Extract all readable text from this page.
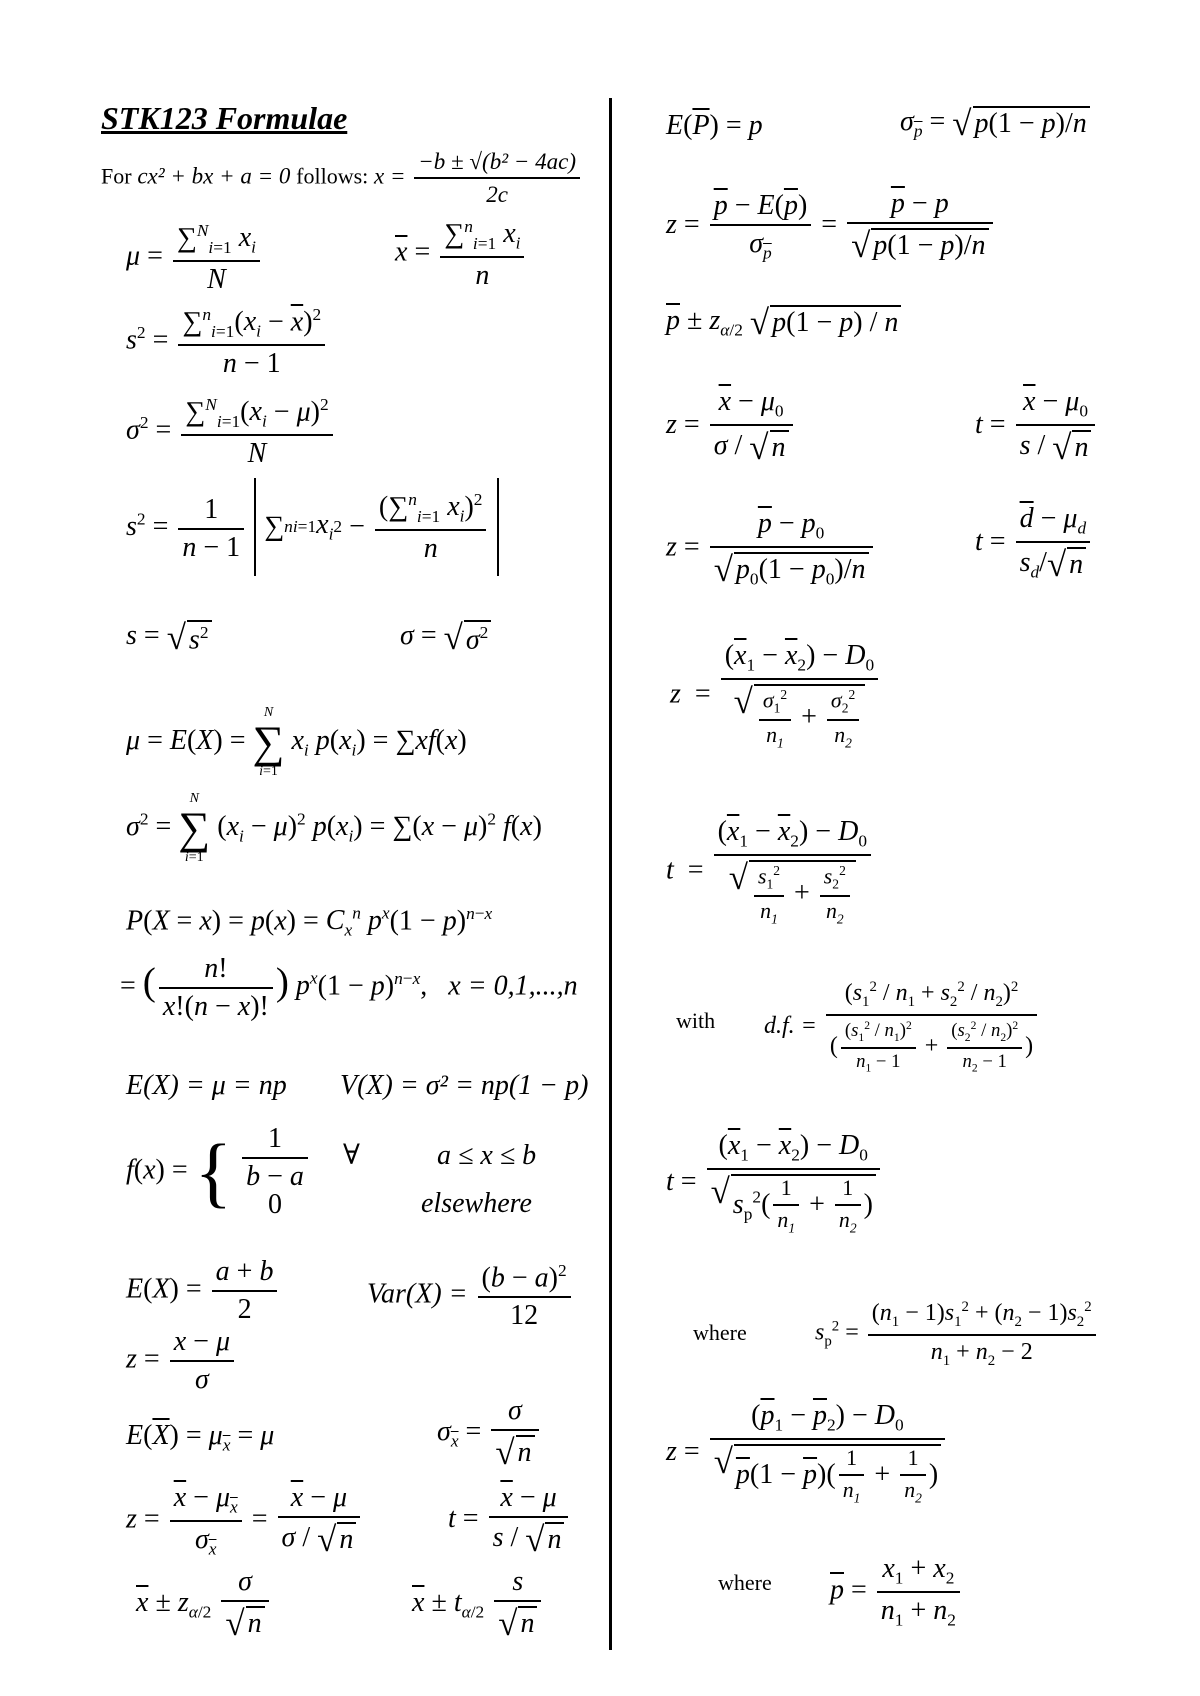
STK123 Formulae
For cx² + bx + a = 0 follows: $x = \frac{\text{−b ± √(b² − 4ac)}}{2c}$
$\mu = \frac{\sum^N_{i=1} x_i}{N}$	$\overline{x} = \frac{\sum^n_{i=1} x_i}{n}$
$s^2 = \frac{\sum^n_{i=1}(x_i - \overline{x})^2}{n - 1}$
$\sigma^2 = \frac{\sum^N_{i=1}(x_i - \mu)^2}{N}$
$s^2 = \frac{1}{n - 1}$ ∑ n i=1 $x_i$ 2 −
(∑$^n_{i=1}$ $x_i)^2$
n
s = √ $s^2$	σ = √ $\sigma^2$
μ = E(X) =
N
∑
i=1
$x_i$ $p(x_i) = \sum xf(x)$
$\sigma^2$ =
N
∑
i=1
$(x_i - \mu)^2$ $p(x_i) = \sum(x - \mu)^2$ f(x)
$P(X = x) = p(x) = C_x^n$ $p^x(1 - p)^{n-x}$
= ( $\frac{n!}{x!(n - x)!}$ ) $p^x(1 - p)^{n-x}$,   x = 0,1,...,n
E(X) = μ = np V(X) = σ² = np(1 − p)
f(x) = { 1
b − a
0
∀	a ≤ x ≤ b
elsewhere
$E(X) = \frac{a + b}{2}$	$Var(X) = \frac{(b - a)^2}{12}$
$z = \frac{x - \mu}{\sigma}$
$E(\overline{X}) = \mu_{\overline{x}} = \mu$	$\sigma_{\overline{x}} = \frac{\sigma}{√ n}$
$z = \frac{\overline{x} - \mu_{\overline{x}}}{\sigma_{\overline{x}}} = \frac{\overline{x} - \mu}{\sigma / √ n}$	$t = \frac{\overline{x} - \mu}{s / √ n}$
$\overline{x} \pm z_{\alpha/2} \frac{\sigma}{√ n}$	$\overline{x} \pm t_{\alpha/2} \frac{s}{√ n}$
$E(\overline{P}) = p$	$\sigma_{\overline{p}}$ = √ p(1 − p)/n
$z = \frac{\overline{p} - E(\overline{p})}{\sigma_{\overline{p}}} = \frac{\overline{p} - p}{√ p(1 - p)/n}$
$\overline{p} \pm z_{\alpha/2}$ √ $p(1 - \overline{p}) / n$
$z = \frac{\overline{x} - \mu_0}{\sigma / √ n}$	$t = \frac{\overline{x} - \mu_0}{s / √ n}$
$z = \frac{\overline{p} - p_0}{√ p_0(1 - p_0)/n}$	$t = \frac{\overline{d} - \mu_d}{s_d/ √ n}$
$z = \frac{(\overline{x}_1 - \overline{x}_2) - D_0}{√ \frac{\sigma_1^2}{n_1} + \frac{\sigma_2^2}{n_2}}$
$t = \frac{(\overline{x}_1 - \overline{x}_2) - D_0}{√ \frac{s_1^2}{n_1} + \frac{s_2^2}{n_2}}$
with d.f. = $\frac{(s_1^2 / n_1 + s_2^2 / n_2)^2}{( \frac{(s_1^2 / n_1)^2}{n_1 - 1} + \frac{(s_2^2 / n_2)^2}{n_2 - 1} )}$
$t = \frac{(\overline{x}_1 - \overline{x}_2) - D_0}{√ s_p^2( \frac{1}{n_1} + \frac{1}{n_2} )}$
where	$s_p^2 = \frac{(n_1 - 1)s_1^2 + (n_2 - 1)s_2^2}{n_1 + n_2 - 2}$
$z = \frac{(\overline{p}_1 - \overline{p}_2) - D_0}{√ p(1 - \overline{p})( \frac{1}{n_1} + \frac{1}{n_2} )}$
where $\overline{p} = \frac{x_1 + x_2}{n_1 + n_2}$
